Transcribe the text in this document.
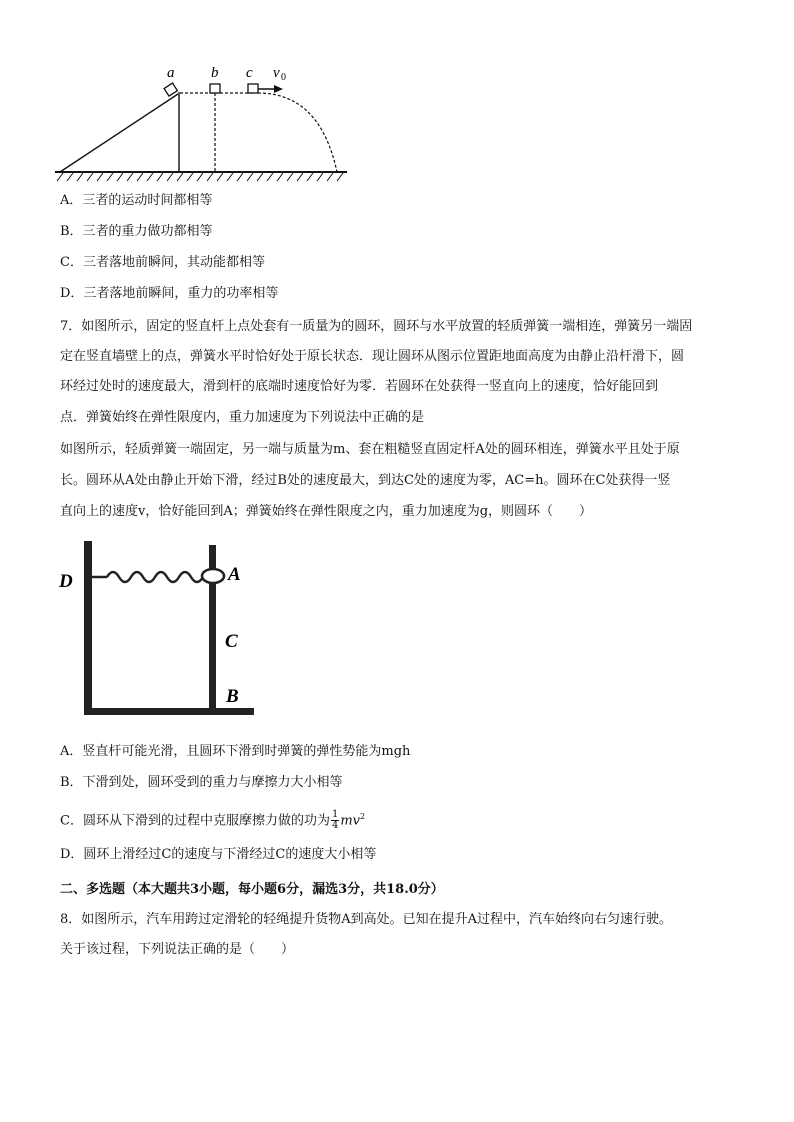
a b c v 0
A．三者的运动时间都相等
B．三者的重力做功都相等
C．三者落地前瞬间，其动能都相等
D．三者落地前瞬间，重力的功率相等
7．如图所示，固定的竖直杆上点处套有一质量为的圆环，圆环与水平放置的轻质弹簧一端相连，弹簧另一端固
定在竖直墙壁上的点，弹簧水平时恰好处于原长状态．现让圆环从图示位置距地面高度为由静止沿杆滑下，圆
环经过处时的速度最大，滑到杆的底端时速度恰好为零．若圆环在处获得一竖直向上的速度，恰好能回到
点．弹簧始终在弹性限度内，重力加速度为下列说法中正确的是
如图所示，轻质弹簧一端固定，另一端与质量为m、套在粗糙竖直固定杆A处的圆环相连，弹簧水平且处于原
长。圆环从A处由静止开始下滑，经过B处的速度最大，到达C处的速度为零，AC=h。圆环在C处获得一竖
直向上的速度v，恰好能回到A；弹簧始终在弹性限度之内，重力加速度为g，则圆环（　　）
D	A
C
B
A．竖直杆可能光滑，且圆环下滑到时弹簧的弹性势能为mgh
B．下滑到处，圆环受到的重力与摩擦力大小相等
C．圆环从下滑到的过程中克服摩擦力做的功为 $\frac{1}{4} mv^2$
D．圆环上滑经过C的速度与下滑经过C的速度大小相等
二、多选题（本大题共3小题，每小题6分，漏选3分，共18.0分）
8．如图所示，汽车用跨过定滑轮的轻绳提升货物A到高处。已知在提升A过程中，汽车始终向右匀速行驶。
关于该过程，下列说法正确的是（　　）
